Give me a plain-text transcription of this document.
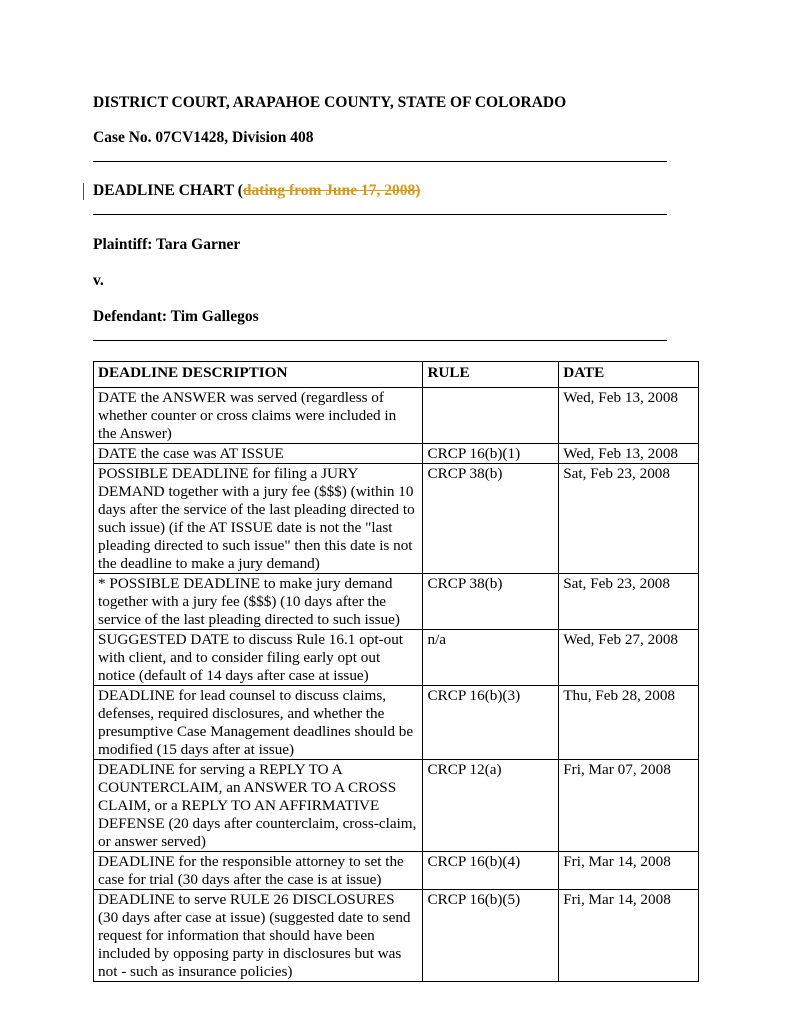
DISTRICT COURT, ARAPAHOE COUNTY, STATE OF COLORADO
Case No. 07CV1428, Division 408
DEADLINE CHART (dating from June 17, 2008)
Plaintiff: Tara Garner
v.
Defendant: Tim Gallegos
DEADLINE DESCRIPTION	RULE	DATE
DATE the ANSWER was served (regardless of whether counter or cross claims were included in the Answer)		Wed, Feb 13, 2008
DATE the case was AT ISSUE	CRCP 16(b)(1)	Wed, Feb 13, 2008
POSSIBLE DEADLINE for filing a JURY DEMAND together with a jury fee ($$$) (within 10 days after the service of the last pleading directed to such issue) (if the AT ISSUE date is not the "last pleading directed to such issue" then this date is not the deadline to make a jury demand)	CRCP 38(b)	Sat, Feb 23, 2008
* POSSIBLE DEADLINE to make jury demand together with a jury fee ($$$) (10 days after the service of the last pleading directed to such issue)	CRCP 38(b)	Sat, Feb 23, 2008
SUGGESTED DATE to discuss Rule 16.1 opt-out with client, and to consider filing early opt out notice (default of 14 days after case at issue)	n/a	Wed, Feb 27, 2008
DEADLINE for lead counsel to discuss claims, defenses, required disclosures, and whether the presumptive Case Management deadlines should be modified (15 days after at issue)	CRCP 16(b)(3)	Thu, Feb 28, 2008
DEADLINE for serving a REPLY TO A COUNTERCLAIM, an ANSWER TO A CROSS CLAIM, or a REPLY TO AN AFFIRMATIVE DEFENSE (20 days after counterclaim, cross-claim, or answer served)	CRCP 12(a)	Fri, Mar 07, 2008
DEADLINE for the responsible attorney to set the case for trial (30 days after the case is at issue)	CRCP 16(b)(4)	Fri, Mar 14, 2008
DEADLINE to serve RULE 26 DISCLOSURES (30 days after case at issue) (suggested date to send request for information that should have been included by opposing party in disclosures but was not - such as insurance policies)	CRCP 16(b)(5)	Fri, Mar 14, 2008
